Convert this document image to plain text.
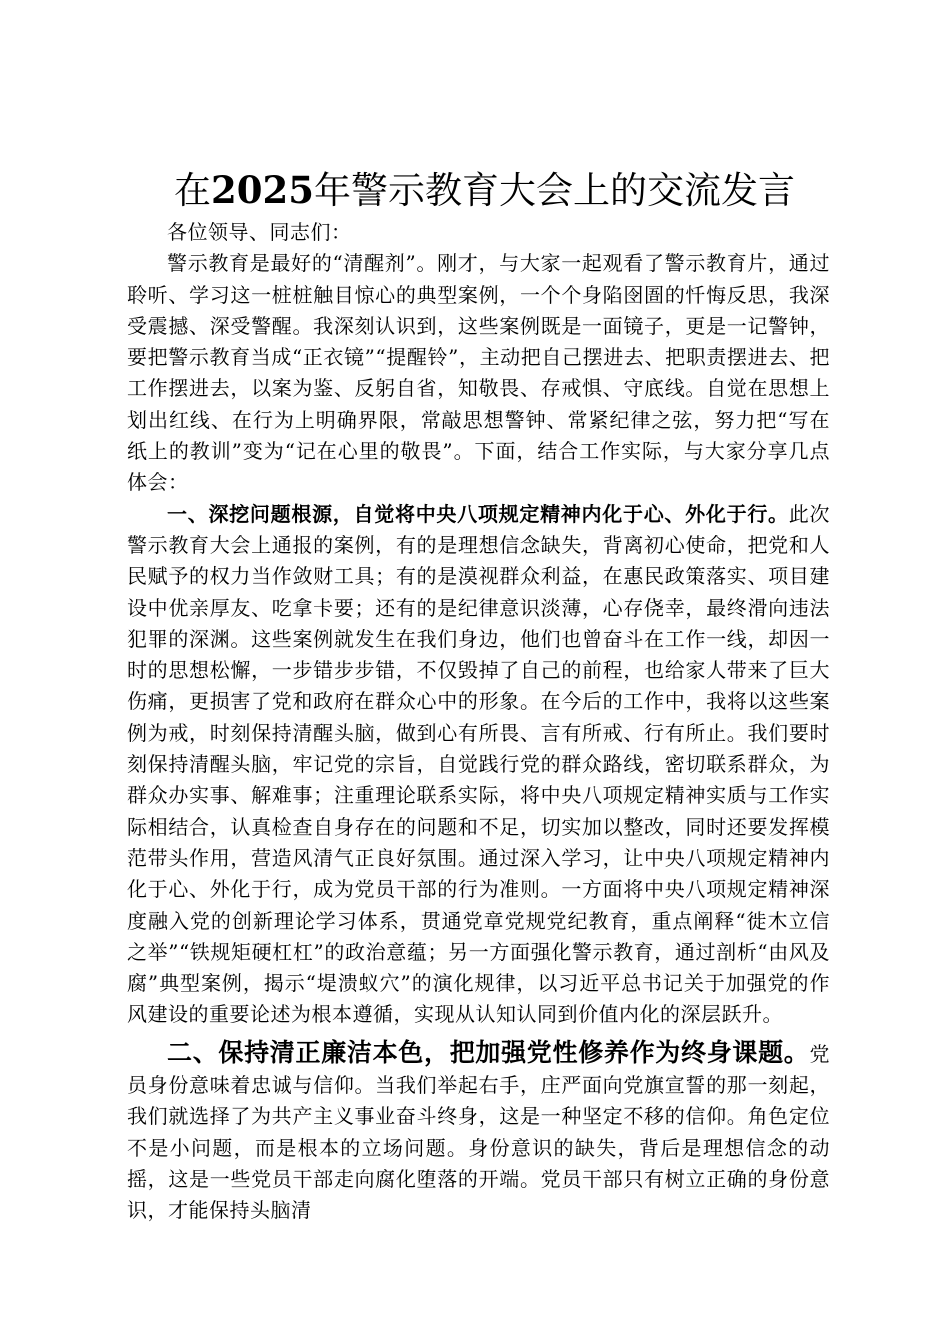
在2025年警示教育大会上的交流发言

各位领导、同志们：

警示教育是最好的“清醒剂”。刚才，与大家一起观看了警示教育片，通过聆听、学习这一桩桩触目惊心的典型案例，一个个身陷囹圄的忏悔反思，我深受震撼、深受警醒。我深刻认识到，这些案例既是一面镜子，更是一记警钟，要把警示教育当成“正衣镜”“提醒铃”，主动把自己摆进去、把职责摆进去、把工作摆进去，以案为鉴、反躬自省，知敬畏、存戒惧、守底线。自觉在思想上划出红线、在行为上明确界限，常敲思想警钟、常紧纪律之弦，努力把“写在纸上的教训”变为“记在心里的敬畏”。下面，结合工作实际，与大家分享几点体会：

一、深挖问题根源，自觉将中央八项规定精神内化于心、外化于行。此次警示教育大会上通报的案例，有的是理想信念缺失，背离初心使命，把党和人民赋予的权力当作敛财工具；有的是漠视群众利益，在惠民政策落实、项目建设中优亲厚友、吃拿卡要；还有的是纪律意识淡薄，心存侥幸，最终滑向违法犯罪的深渊。这些案例就发生在我们身边，他们也曾奋斗在工作一线，却因一时的思想松懈，一步错步步错，不仅毁掉了自己的前程，也给家人带来了巨大伤痛，更损害了党和政府在群众心中的形象。在今后的工作中，我将以这些案例为戒，时刻保持清醒头脑，做到心有所畏、言有所戒、行有所止。我们要时刻保持清醒头脑，牢记党的宗旨，自觉践行党的群众路线，密切联系群众，为群众办实事、解难事；注重理论联系实际，将中央八项规定精神实质与工作实际相结合，认真检查自身存在的问题和不足，切实加以整改，同时还要发挥模范带头作用，营造风清气正良好氛围。通过深入学习，让中央八项规定精神内化于心、外化于行，成为党员干部的行为准则。一方面将中央八项规定精神深度融入党的创新理论学习体系，贯通党章党规党纪教育，重点阐释“徙木立信之举”“铁规矩硬杠杠”的政治意蕴；另一方面强化警示教育，通过剖析“由风及腐”典型案例，揭示“堤溃蚁穴”的演化规律，以习近平总书记关于加强党的作风建设的重要论述为根本遵循，实现从认知认同到价值内化的深层跃升。

二、保持清正廉洁本色，把加强党性修养作为终身课题。党员身份意味着忠诚与信仰。当我们举起右手，庄严面向党旗宣誓的那一刻起，我们就选择了为共产主义事业奋斗终身，这是一种坚定不移的信仰。角色定位不是小问题，而是根本的立场问题。身份意识的缺失，背后是理想信念的动摇，这是一些党员干部走向腐化堕落的开端。党员干部只有树立正确的身份意识，才能保持头脑清
